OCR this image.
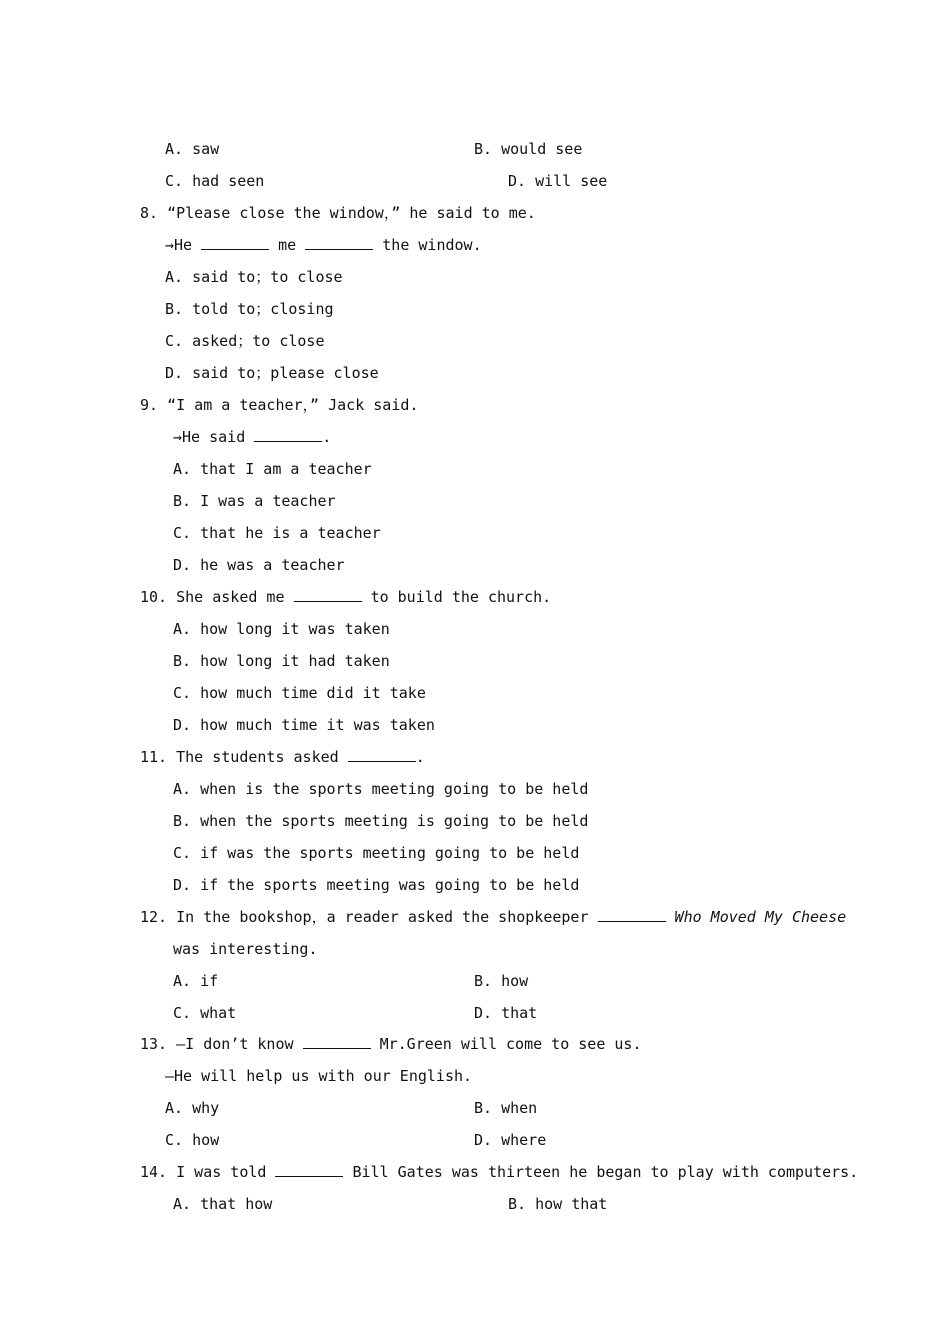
A. saw	B. would see
C. had seen	D. will see
8. “Please close the window，” he said to me.
→He	me	the window.
A. said to；to close
B. told to；closing
C. asked；to close
D. said to；please close
9. “I am a teacher，” Jack said.
→He said	.
A. that I am a teacher
B. I was a teacher
C. that he is a teacher
D. he was a teacher
10. She asked me	to build the church.
A. how long it was taken
B. how long it had taken
C. how much time did it take
D. how much time it was taken
11. The students asked	.
A. when is the sports meeting going to be held
B. when the sports meeting is going to be held
C. if was the sports meeting going to be held
D. if the sports meeting was going to be held
12. In the bookshop，a reader asked the shopkeeper	Who Moved My Cheese
was interesting.
A. if	B. how
C. what	D. that
13. —I don’t know	Mr.Green will come to see us.
—He will help us with our English.
A. why	B. when
C. how	D. where
14. I was told	Bill Gates was thirteen he began to play with computers.
A. that how	B. how that
